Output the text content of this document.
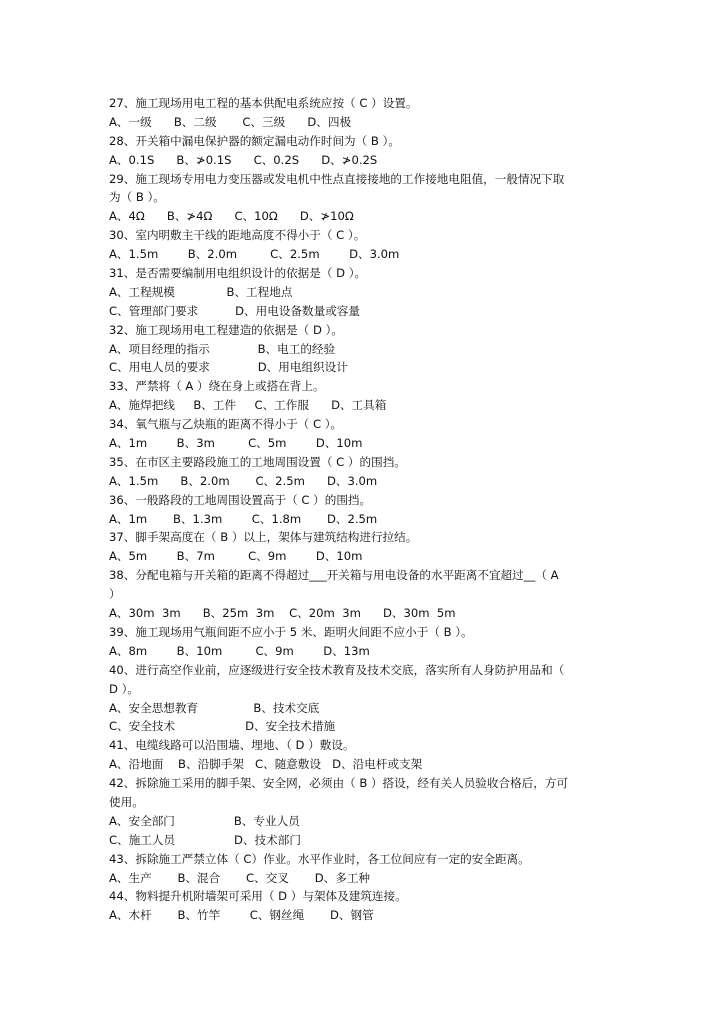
27、施工现场用电工程的基本供配电系统应按（ C ）设置。
A、一级      B、二级       C、三级      D、四极
28、开关箱中漏电保护器的额定漏电动作时间为（ B ）。
A、0.1S      B、≯0.1S      C、0.2S      D、≯0.2S
29、施工现场专用电力变压器或发电机中性点直接接地的工作接地电阻值，一般情况下取
为（ B ）。
A、4Ω      B、≯4Ω      C、10Ω      D、≯10Ω
30、室内明敷主干线的距地高度不得小于（ C ）。
A、1.5m        B、2.0m         C、2.5m        D、3.0m
31、是否需要编制用电组织设计的依据是（ D ）。
A、工程规模              B、工程地点
C、管理部门要求          D、用电设备数量或容量
32、施工现场用电工程建造的依据是（ D ）。
A、项目经理的指示             B、电工的经验
C、用电人员的要求             D、用电组织设计
33、严禁将（ A ）绕在身上或搭在背上。
A、施焊把线     B、工件     C、工作服      D、工具箱
34、氧气瓶与乙炔瓶的距离不得小于（ C ）。
A、1m        B、3m         C、5m        D、10m
35、在市区主要路段施工的工地周围设置（ C ）的围挡。
A、1.5m      B、2.0m       C、2.5m      D、3.0m
36、一般路段的工地周围设置高于（ C ）的围挡。
A、1m       B、1.3m        C、1.8m       D、2.5m
37、脚手架高度在（ B ）以上，架体与建筑结构进行拉结。
A、5m        B、7m         C、9m        D、10m
38、分配电箱与开关箱的距离不得超过___开关箱与用电设备的水平距离不宜超过__（ A
）
A、30m  3m      B、25m  3m    C、20m  3m      D、30m  5m
39、施工现场用气瓶间距不应小于 5 米、距明火间距不应小于（ B ）。
A、8m        B、10m         C、9m        D、13m
40、进行高空作业前，应逐级进行安全技术教育及技术交底，落实所有人身防护用品和（
D ）。
A、安全思想教育               B、技术交底
C、安全技术                   D、安全技术措施
41、电缆线路可以沿围墙、埋地、（ D ）敷设。
A、沿地面    B、沿脚手架   C、随意敷设   D、沿电杆或支架
42、拆除施工采用的脚手架、安全网，必须由（ B ）搭设，经有关人员验收合格后，方可
使用。
A、安全部门                B、专业人员
C、施工人员                D、技术部门
43、拆除施工严禁立体（ C）作业。水平作业时，各工位间应有一定的安全距离。
A、生产       B、混合       C、交叉       D、多工种
44、物料提升机附墙架可采用（ D ）与架体及建筑连接。
A、木杆       B、竹竿        C、钢丝绳       D、钢管
